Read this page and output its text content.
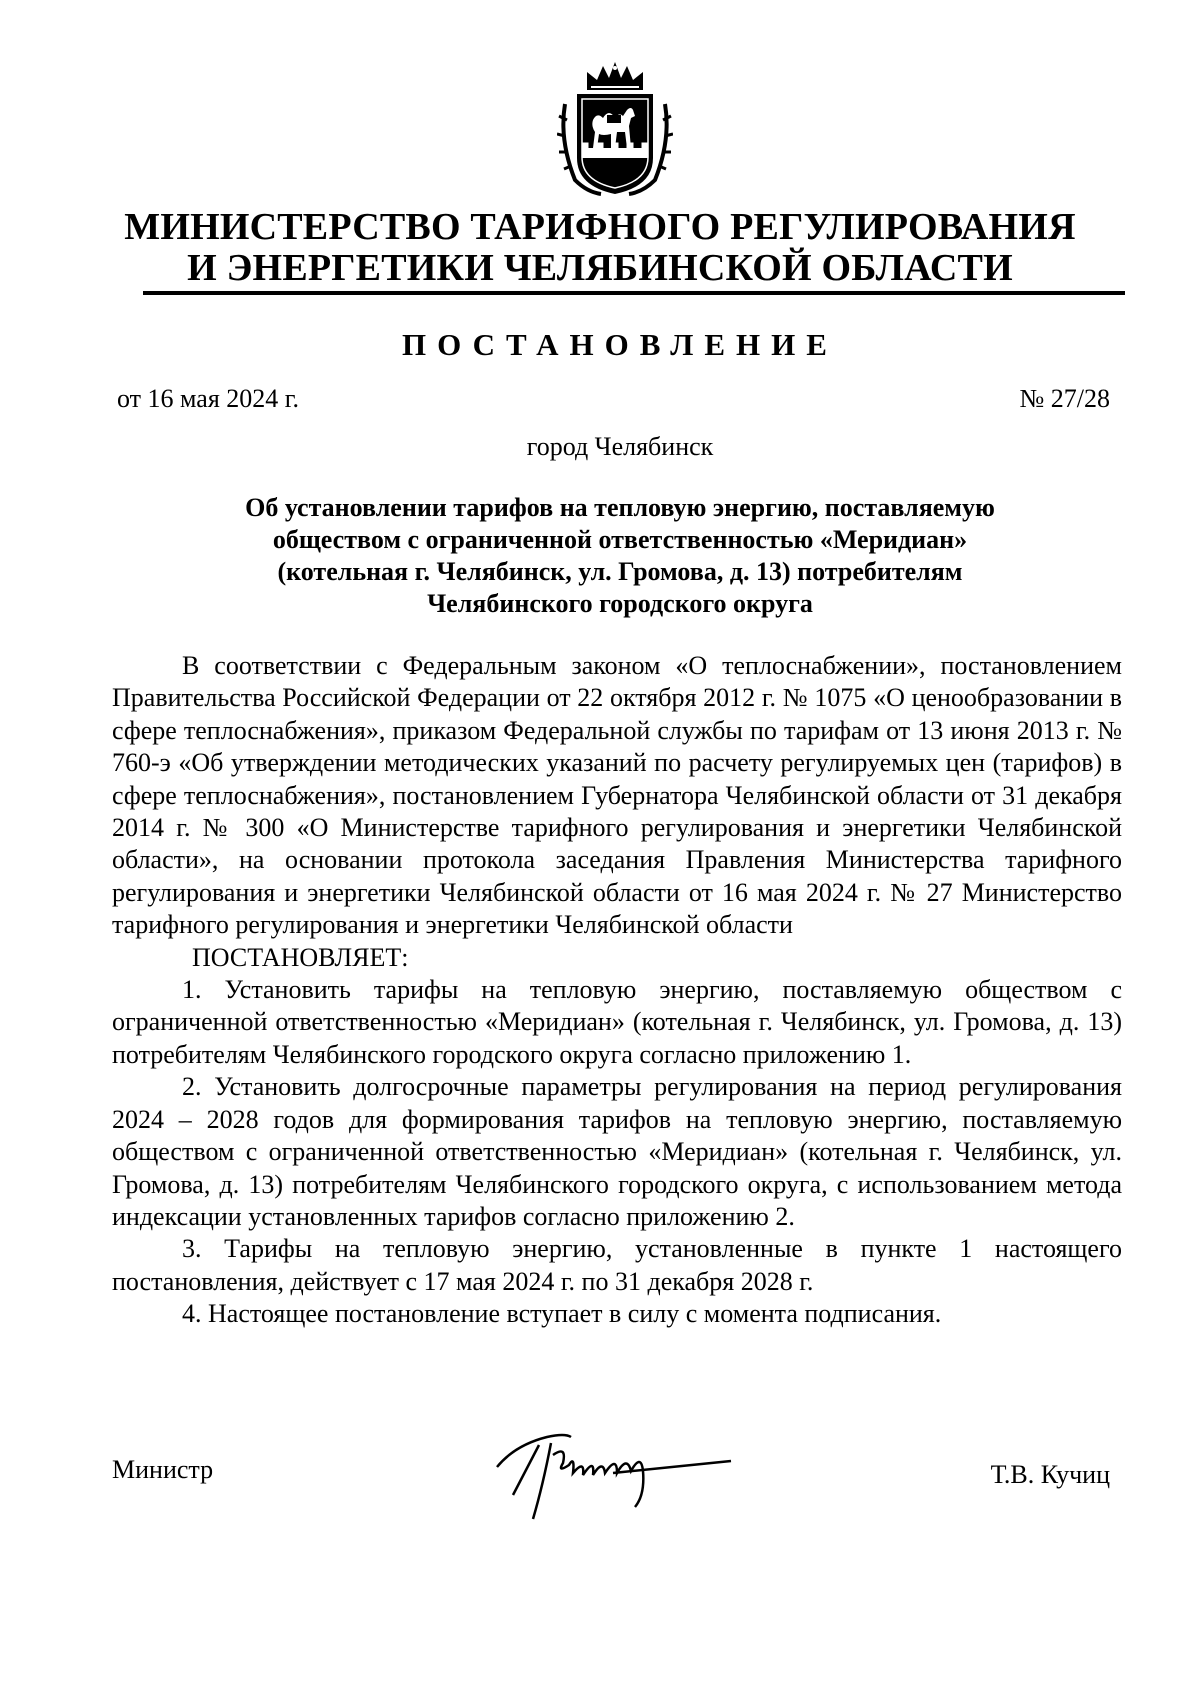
МИНИСТЕРСТВО ТАРИФНОГО РЕГУЛИРОВАНИЯ
И ЭНЕРГЕТИКИ ЧЕЛЯБИНСКОЙ ОБЛАСТИ
ПОСТАНОВЛЕНИЕ
от 16 мая 2024 г.	№ 27/28
город Челябинск
Об установлении тарифов на тепловую энергию, поставляемую
обществом с ограниченной ответственностью «Меридиан»
(котельная г. Челябинск, ул. Громова, д. 13) потребителям
Челябинского городского округа

В соответствии с Федеральным законом «О теплоснабжении», постановлением Правительства Российской Федерации от 22 октября 2012 г. № 1075 «О ценообразовании в сфере теплоснабжения», приказом Федеральной службы по тарифам от 13 июня 2013 г. № 760-э «Об утверждении методических указаний по расчету регулируемых цен (тарифов) в сфере теплоснабжения», постановлением Губернатора Челябинской области от 31 декабря 2014 г. № 300 «О Министерстве тарифного регулирования и энергетики Челябинской области», на основании протокола заседания Правления Министерства тарифного регулирования и энергетики Челябинской области от 16 мая 2024 г. № 27 Министерство тарифного регулирования и энергетики Челябинской области

ПОСТАНОВЛЯЕТ:

1. Установить тарифы на тепловую энергию, поставляемую обществом с ограниченной ответственностью «Меридиан» (котельная г. Челябинск, ул. Громова, д. 13) потребителям Челябинского городского округа согласно приложению 1.

2. Установить долгосрочные параметры регулирования на период регулирования 2024 – 2028 годов для формирования тарифов на тепловую энергию, поставляемую обществом с ограниченной ответственностью «Меридиан» (котельная г. Челябинск, ул. Громова, д. 13) потребителям Челябинского городского округа, с использованием метода индексации установленных тарифов согласно приложению 2.

3. Тарифы на тепловую энергию, установленные в пункте 1 настоящего постановления, действует с 17 мая 2024 г. по 31 декабря 2028 г.

4. Настоящее постановление вступает в силу с момента подписания.

Министр	Т.В. Кучиц
